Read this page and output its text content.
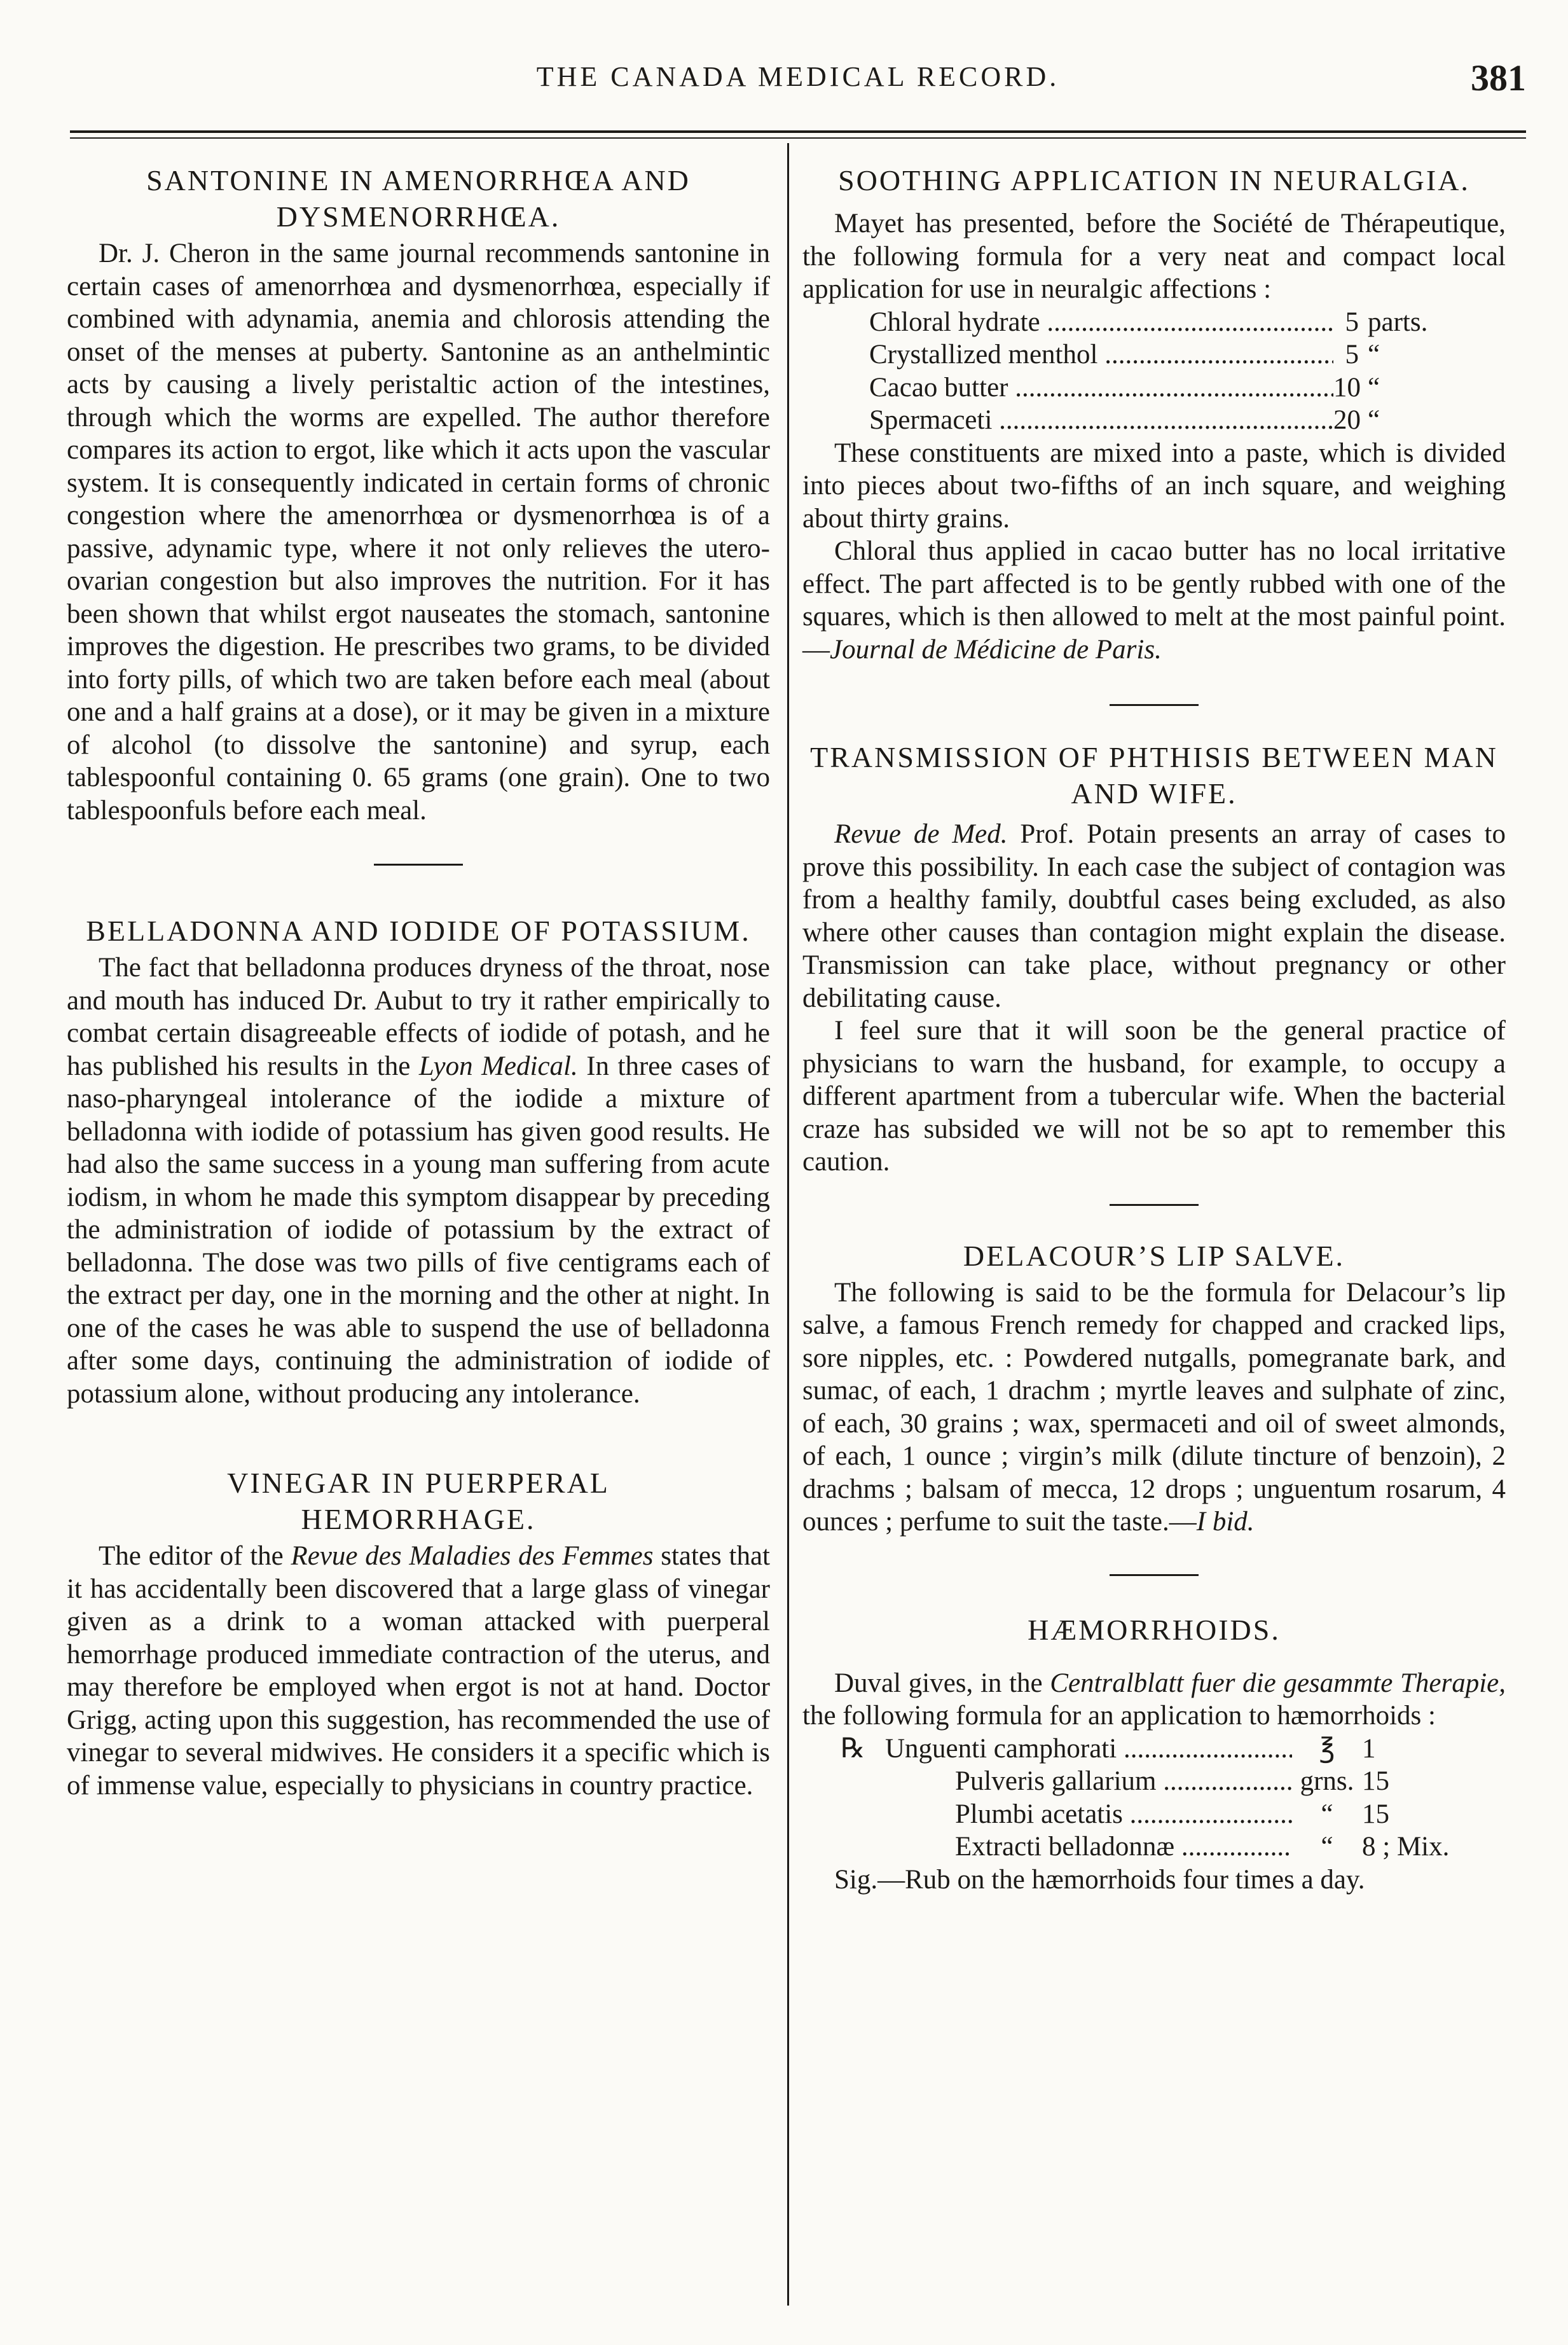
THE CANADA MEDICAL RECORD.	381
SANTONINE IN AMENORRHŒA AND DYSMENORRHŒA.

Dr. J. Cheron in the same journal recommends santonine in certain cases of amenorrhœa and dysmenorrhœa, especially if combined with adynamia, anemia and chlorosis attending the onset of the menses at puberty. Santonine as an anthelmintic acts by causing a lively peristaltic action of the intestines, through which the worms are expelled. The author therefore compares its action to ergot, like which it acts upon the vascular system. It is consequently indicated in certain forms of chronic congestion where the amenorrhœa or dysmenorrhœa is of a passive, adynamic type, where it not only relieves the utero-ovarian congestion but also improves the nutrition. For it has been shown that whilst ergot nauseates the stomach, santonine improves the digestion. He prescribes two grams, to be divided into forty pills, of which two are taken before each meal (about one and a half grains at a dose), or it may be given in a mixture of alcohol (to dissolve the santonine) and syrup, each tablespoonful containing 0. 65 grams (one grain). One to two tablespoonfuls before each meal.

BELLADONNA AND IODIDE OF POTASSIUM.

The fact that belladonna produces dryness of the throat, nose and mouth has induced Dr. Aubut to try it rather empirically to combat certain disagreeable effects of iodide of potash, and he has published his results in the Lyon Medical. In three cases of naso-pharyngeal intolerance of the iodide a mixture of belladonna with iodide of potassium has given good results. He had also the same success in a young man suffering from acute iodism, in whom he made this symptom disappear by preceding the administration of iodide of potassium by the extract of belladonna. The dose was two pills of five centigrams each of the extract per day, one in the morning and the other at night. In one of the cases he was able to suspend the use of belladonna after some days, continuing the administration of iodide of potassium alone, without producing any intolerance.

VINEGAR IN PUERPERAL HEMORRHAGE.

The editor of the Revue des Maladies des Femmes states that it has accidentally been discovered that a large glass of vinegar given as a drink to a woman attacked with puerperal hemorrhage produced immediate contraction of the uterus, and may therefore be employed when ergot is not at hand. Doctor Grigg, acting upon this suggestion, has recommended the use of vinegar to several midwives. He considers it a specific which is of immense value, especially to physicians in country practice.

SOOTHING APPLICATION IN NEURALGIA.

Mayet has presented, before the Société de Thérapeutique, the following formula for a very neat and compact local application for use in neuralgic affections :

Chloral hydrate .....	5 parts.
Crystallized menthol .....	5 “
Cacao butter .....	10 “
Spermaceti .....	20 “

These constituents are mixed into a paste, which is divided into pieces about two-fifths of an inch square, and weighing about thirty grains.

Chloral thus applied in cacao butter has no local irritative effect. The part affected is to be gently rubbed with one of the squares, which is then allowed to melt at the most painful point.—Journal de Médicine de Paris.

TRANSMISSION OF PHTHISIS BETWEEN MAN AND WIFE.

Revue de Med. Prof. Potain presents an array of cases to prove this possibility. In each case the subject of contagion was from a healthy family, doubtful cases being excluded, as also where other causes than contagion might explain the disease. Transmission can take place, without pregnancy or other debilitating cause.

I feel sure that it will soon be the general practice of physicians to warn the husband, for example, to occupy a different apartment from a tubercular wife. When the bacterial craze has subsided we will not be so apt to remember this caution.

DELACOUR’S LIP SALVE.

The following is said to be the formula for Delacour’s lip salve, a famous French remedy for chapped and cracked lips, sore nipples, etc. : Powdered nutgalls, pomegranate bark, and sumac, of each, 1 drachm ; myrtle leaves and sulphate of zinc, of each, 30 grains ; wax, spermaceti and oil of sweet almonds, of each, 1 ounce ; virgin’s milk (dilute tincture of benzoin), 2 drachms ; balsam of mecca, 12 drops ; unguentum rosarum, 4 ounces ; perfume to suit the taste.—I bid.

HÆMORRHOIDS.

Duval gives, in the Centralblatt fuer die gesammte Therapie, the following formula for an application to hæmorrhoids :

℞ Unguenti camphorati .....	℥ 1
Pulveris gallarium .....	grns. 15
Plumbi acetatis .....	“	15
Extracti belladonnæ .....	“	8 ; Mix.

Sig.—Rub on the hæmorrhoids four times a day.
